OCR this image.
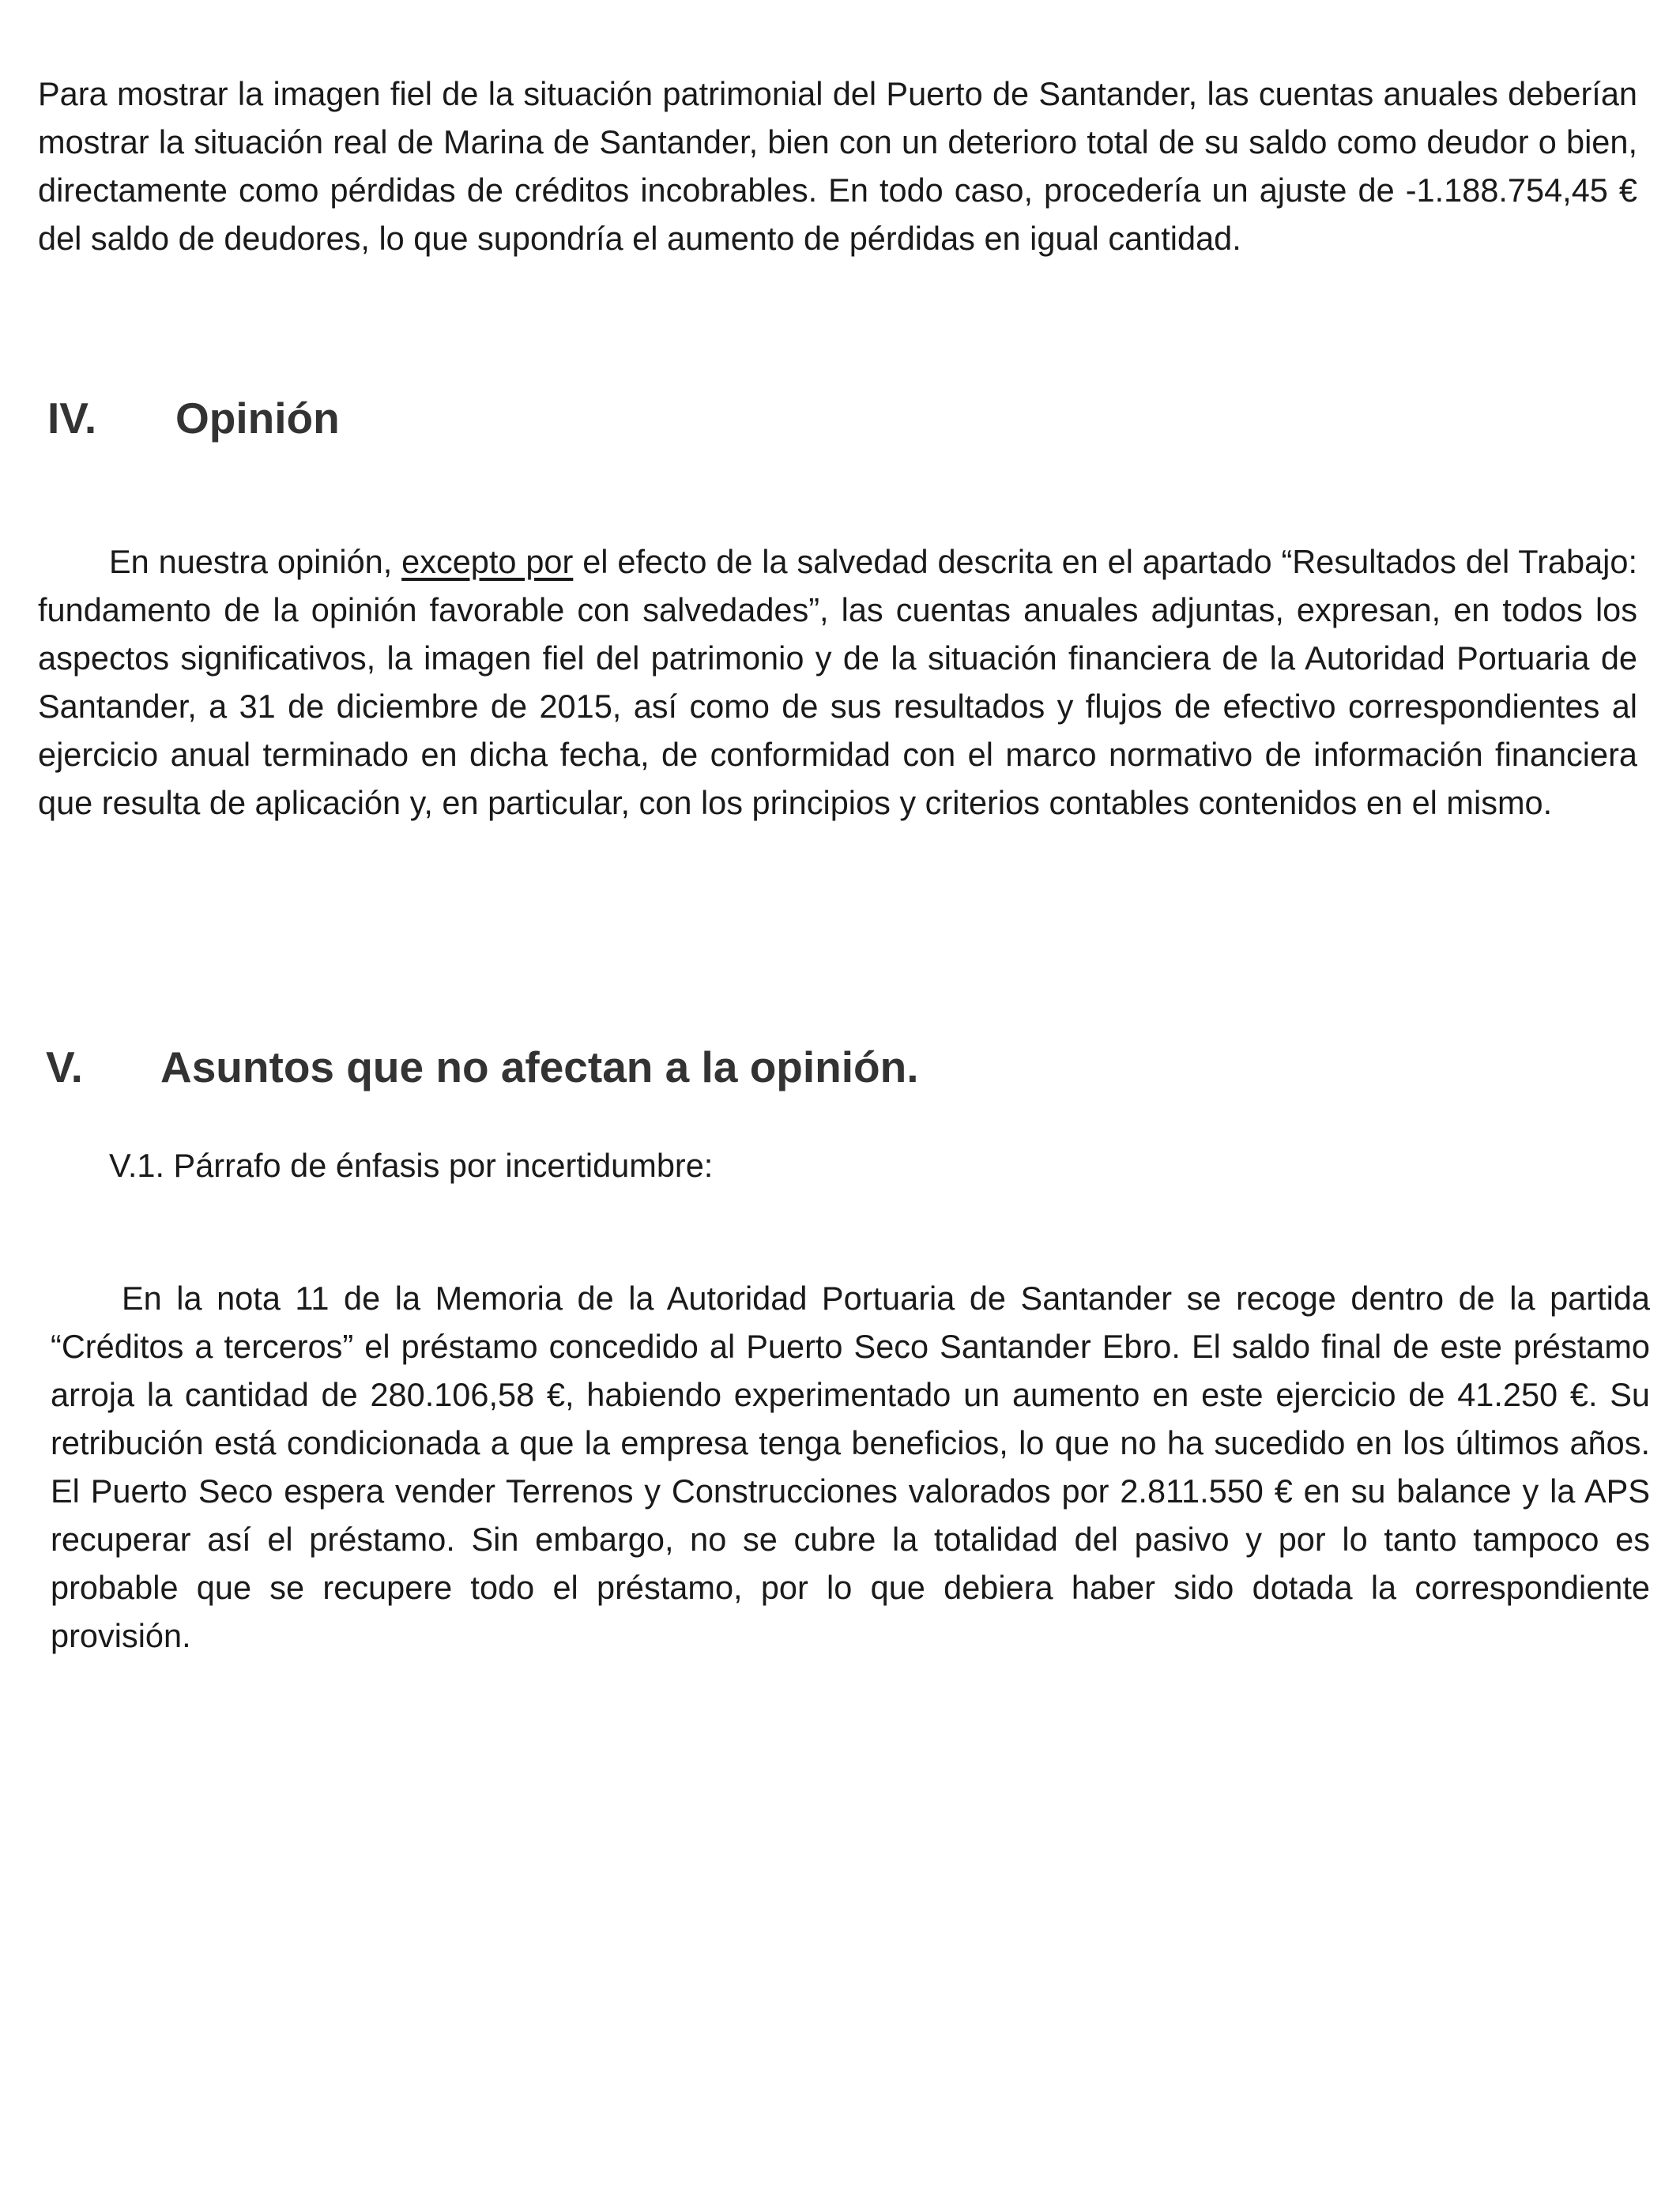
Para mostrar la imagen fiel de la situación patrimonial del Puerto de Santander, las cuentas anuales deberían mostrar la situación real de Marina de Santander, bien con un deterioro total de su saldo como deudor o bien, directamente como pérdidas de créditos incobrables. En todo caso, procedería un ajuste de -1.188.754,45 € del saldo de deudores, lo que supondría el aumento de pérdidas en igual cantidad.

IV. Opinión

En nuestra opinión, excepto por el efecto de la salvedad descrita en el apartado “Resultados del Trabajo: fundamento de la opinión favorable con salvedades”, las cuentas anuales adjuntas, expresan, en todos los aspectos significativos, la imagen fiel del patrimonio y de la situación financiera de la Autoridad Portuaria de Santander, a 31 de diciembre de 2015, así como de sus resultados y flujos de efectivo correspondientes al ejercicio anual terminado en dicha fecha, de conformidad con el marco normativo de información financiera que resulta de aplicación y, en particular, con los principios y criterios contables contenidos en el mismo.

V. Asuntos que no afectan a la opinión.

V.1. Párrafo de énfasis por incertidumbre:

En la nota 11 de la Memoria de la Autoridad Portuaria de Santander se recoge dentro de la partida “Créditos a terceros” el préstamo concedido al Puerto Seco Santander Ebro. El saldo final de este préstamo arroja la cantidad de 280.106,58 €, habiendo experimentado un aumento en este ejercicio de 41.250 €. Su retribución está condicionada a que la empresa tenga beneficios, lo que no ha sucedido en los últimos años. El Puerto Seco espera vender Terrenos y Construcciones valorados por 2.811.550 € en su balance y la APS recuperar así el préstamo. Sin embargo, no se cubre la totalidad del pasivo y por lo tanto tampoco es probable que se recupere todo el préstamo, por lo que debiera haber sido dotada la correspondiente provisión.
